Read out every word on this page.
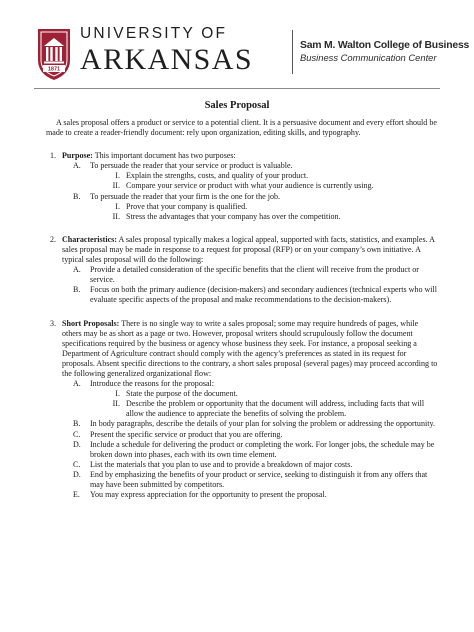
1871
UNIVERSITY OF
ARKANSAS	Sam M. Walton College of Business
Business Communication Center
Sales Proposal

A sales proposal offers a product or service to a potential client. It is a persuasive document and every effort should be made to create a reader-friendly document: rely upon organization, editing skills, and typography.

1. Purpose: This important document has two purposes:
A. To persuade the reader that your service or product is valuable.
I. Explain the strengths, costs, and quality of your product.
II. Compare your service or product with what your audience is currently using.
B. To persuade the reader that your firm is the one for the job.
I. Prove that your company is qualified.
II. Stress the advantages that your company has over the competition.
2. Characteristics: A sales proposal typically makes a logical appeal, supported with facts, statistics, and examples. A sales proposal may be made in response to a request for proposal (RFP) or on your company’s own initiative. A typical sales proposal will do the following:
A. Provide a detailed consideration of the specific benefits that the client will receive from the product or service.
B. Focus on both the primary audience (decision-makers) and secondary audiences (technical experts who will evaluate specific aspects of the proposal and make recommendations to the decision-makers).
3. Short Proposals: There is no single way to write a sales proposal; some may require hundreds of pages, while others may be as short as a page or two. However, proposal writers should scrupulously follow the document specifications required by the business or agency whose business they seek. For instance, a proposal seeking a Department of Agriculture contract should comply with the agency’s preferences as stated in its request for proposals. Absent specific directions to the contrary, a short sales proposal (several pages) may proceed according to the following generalized organizational flow:
A. Introduce the reasons for the proposal:
I. State the purpose of the document.
II. Describe the problem or opportunity that the document will address, including facts that will allow the audience to appreciate the benefits of solving the problem.
B. In body paragraphs, describe the details of your plan for solving the problem or addressing the opportunity.
C. Present the specific service or product that you are offering.
D. Include a schedule for delivering the product or completing the work. For longer jobs, the schedule may be broken down into phases, each with its own time element.
C. List the materials that you plan to use and to provide a breakdown of major costs.
D. End by emphasizing the benefits of your product or service, seeking to distinguish it from any offers that may have been submitted by competitors.
E. You may express appreciation for the opportunity to present the proposal.
